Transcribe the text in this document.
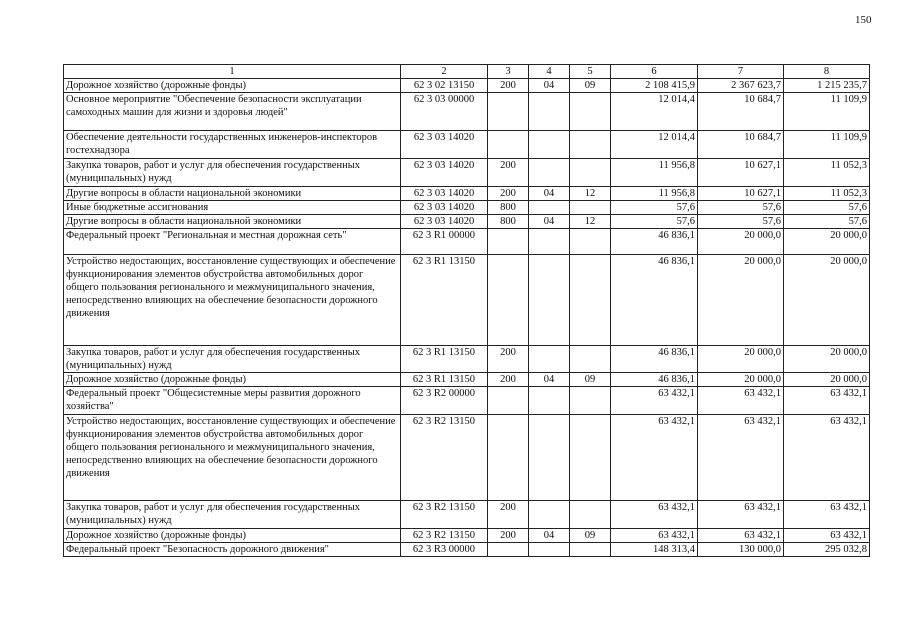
150
1	2	3	4	5	6	7	8
Дорожное хозяйство (дорожные фонды)	62 3 02 13150	200	04	09	2 108 415,9	2 367 623,7	1 215 235,7
Основное мероприятие "Обеспечение безопасности эксплуатации самоходных машин для жизни и здоровья людей"	62 3 03 00000				12 014,4	10 684,7	11 109,9
Обеспечение деятельности государственных инженеров-инспекторов гостехнадзора	62 3 03 14020				12 014,4	10 684,7	11 109,9
Закупка товаров, работ и услуг для обеспечения государственных (муниципальных) нужд	62 3 03 14020	200			11 956,8	10 627,1	11 052,3
Другие вопросы в области национальной экономики	62 3 03 14020	200	04	12	11 956,8	10 627,1	11 052,3
Иные бюджетные ассигнования	62 3 03 14020	800			57,6	57,6	57,6
Другие вопросы в области национальной экономики	62 3 03 14020	800	04	12	57,6	57,6	57,6
Федеральный проект "Региональная и местная дорожная сеть"	62 3 R1 00000				46 836,1	20 000,0	20 000,0
Устройство недостающих, восстановление существующих и обеспечение функционирования элементов обустройства автомобильных дорог общего пользования регионального и межмуниципального значения, непосредственно влияющих на обеспечение безопасности дорожного движения	62 3 R1 13150				46 836,1	20 000,0	20 000,0
Закупка товаров, работ и услуг для обеспечения государственных (муниципальных) нужд	62 3 R1 13150	200			46 836,1	20 000,0	20 000,0
Дорожное хозяйство (дорожные фонды)	62 3 R1 13150	200	04	09	46 836,1	20 000,0	20 000,0
Федеральный проект "Общесистемные меры развития дорожного хозяйства"	62 3 R2 00000				63 432,1	63 432,1	63 432,1
Устройство недостающих, восстановление существующих и обеспечение функционирования элементов обустройства автомобильных дорог общего пользования регионального и межмуниципального значения, непосредственно влияющих на обеспечение безопасности дорожного движения	62 3 R2 13150				63 432,1	63 432,1	63 432,1
Закупка товаров, работ и услуг для обеспечения государственных (муниципальных) нужд	62 3 R2 13150	200			63 432,1	63 432,1	63 432,1
Дорожное хозяйство (дорожные фонды)	62 3 R2 13150	200	04	09	63 432,1	63 432,1	63 432,1
Федеральный проект "Безопасность дорожного движения"	62 3 R3 00000				148 313,4	130 000,0	295 032,8
